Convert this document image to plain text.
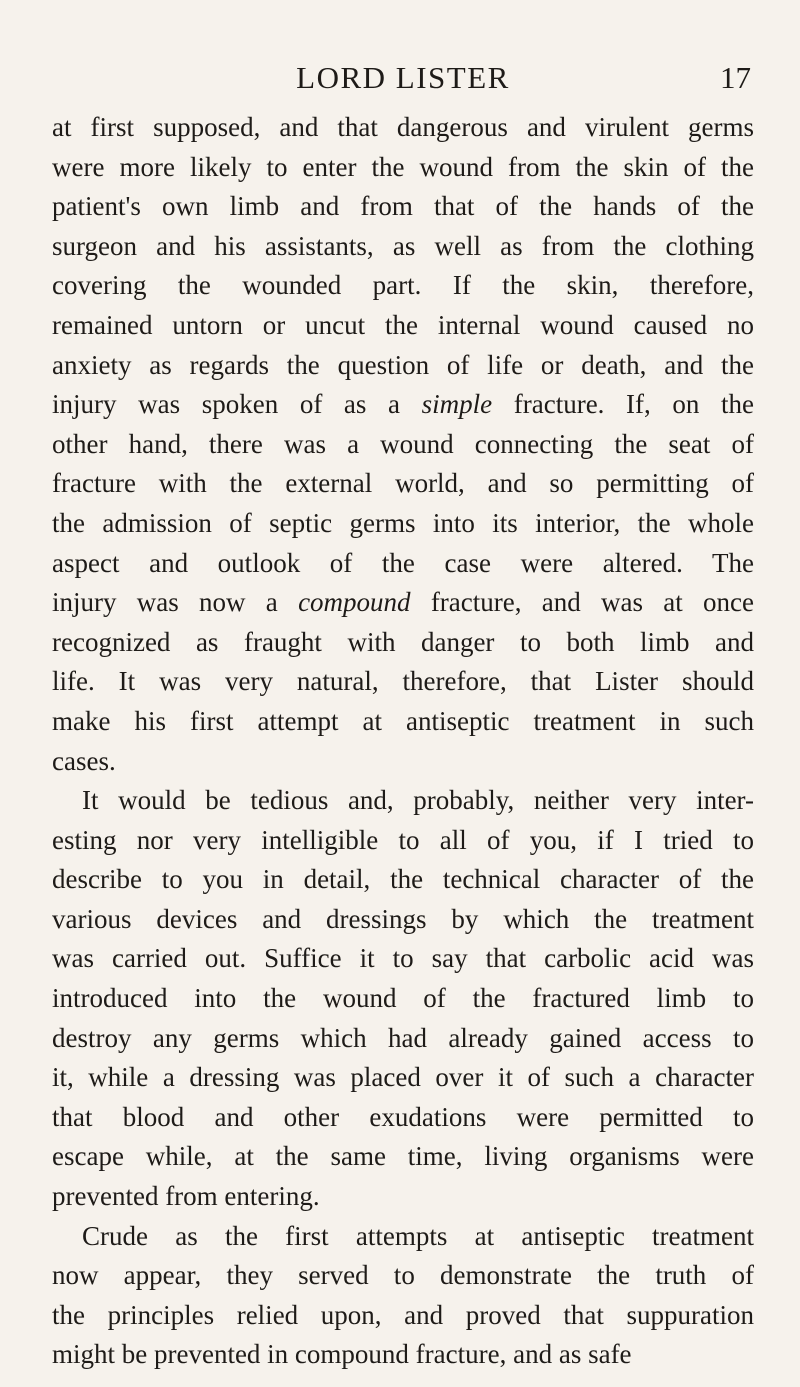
LORD LISTER	17
at first supposed, and that dangerous and virulent germs
were more likely to enter the wound from the skin of the
patient's own limb and from that of the hands of the
surgeon and his assistants, as well as from the clothing
covering the wounded part. If the skin, therefore,
remained untorn or uncut the internal wound caused no
anxiety as regards the question of life or death, and the
injury was spoken of as a simple fracture. If, on the
other hand, there was a wound connecting the seat of
fracture with the external world, and so permitting of
the admission of septic germs into its interior, the whole
aspect and outlook of the case were altered. The
injury was now a compound fracture, and was at once
recognized as fraught with danger to both limb and
life. It was very natural, therefore, that Lister should
make his first attempt at antiseptic treatment in such
cases.
It would be tedious and, probably, neither very inter-
esting nor very intelligible to all of you, if I tried to
describe to you in detail, the technical character of the
various devices and dressings by which the treatment
was carried out. Suffice it to say that carbolic acid was
introduced into the wound of the fractured limb to
destroy any germs which had already gained access to
it, while a dressing was placed over it of such a character
that blood and other exudations were permitted to
escape while, at the same time, living organisms were
prevented from entering.
Crude as the first attempts at antiseptic treatment
now appear, they served to demonstrate the truth of
the principles relied upon, and proved that suppuration
might be prevented in compound fracture, and as safe
